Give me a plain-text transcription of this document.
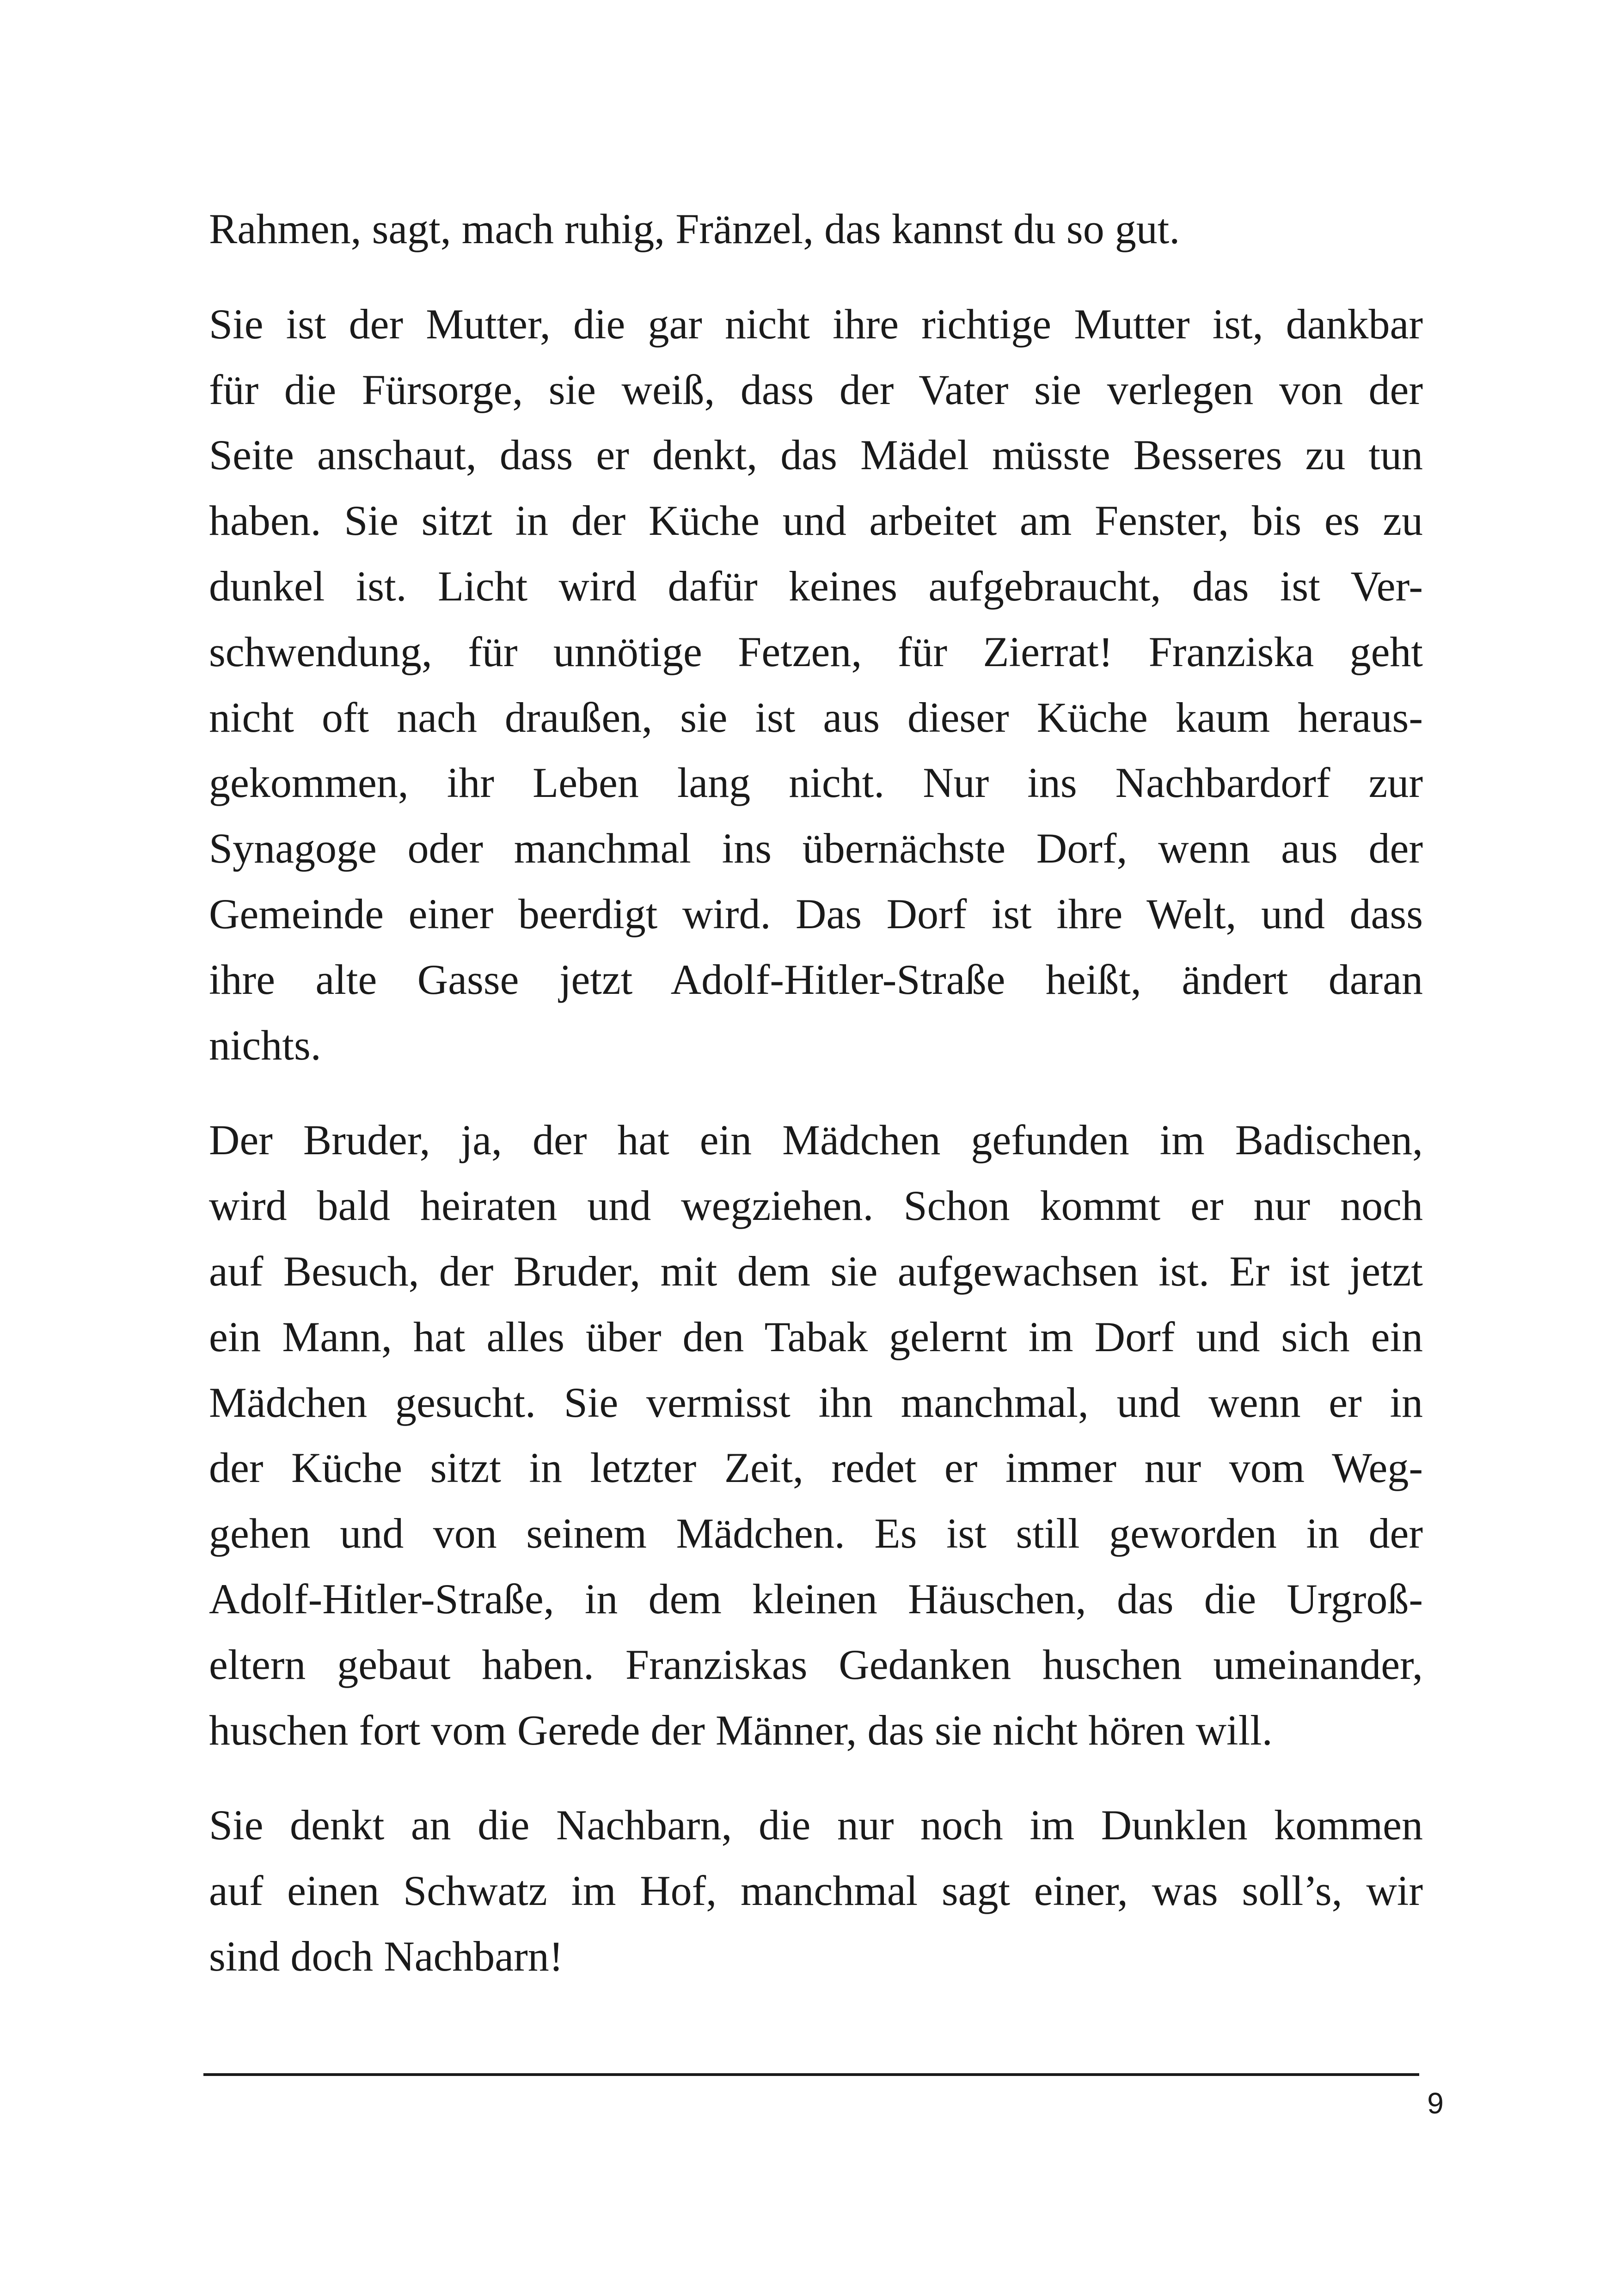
Rahmen, sagt, mach ruhig, Fränzel, das kannst du so gut.

Sie ist der Mutter, die gar nicht ihre richtige Mutter ist, dankbar
für die Fürsorge, sie weiß, dass der Vater sie verlegen von der
Seite anschaut, dass er denkt, das Mädel müsste Besseres zu tun
haben. Sie sitzt in der Küche und arbeitet am Fenster, bis es zu
dunkel ist. Licht wird dafür keines aufgebraucht, das ist Ver-
schwendung, für unnötige Fetzen, für Zierrat! Franziska geht
nicht oft nach draußen, sie ist aus dieser Küche kaum heraus-
gekommen, ihr Leben lang nicht. Nur ins Nachbardorf zur
Synagoge oder manchmal ins übernächste Dorf, wenn aus der
Gemeinde einer beerdigt wird. Das Dorf ist ihre Welt, und dass
ihre alte Gasse jetzt Adolf-Hitler-Straße heißt, ändert daran
nichts.

Der Bruder, ja, der hat ein Mädchen gefunden im Badischen,
wird bald heiraten und wegziehen. Schon kommt er nur noch
auf Besuch, der Bruder, mit dem sie aufgewachsen ist. Er ist jetzt
ein Mann, hat alles über den Tabak gelernt im Dorf und sich ein
Mädchen gesucht. Sie vermisst ihn manchmal, und wenn er in
der Küche sitzt in letzter Zeit, redet er immer nur vom Weg-
gehen und von seinem Mädchen. Es ist still geworden in der
Adolf-Hitler-Straße, in dem kleinen Häuschen, das die Urgroß-
eltern gebaut haben. Franziskas Gedanken huschen umeinander,
huschen fort vom Gerede der Männer, das sie nicht hören will.

Sie denkt an die Nachbarn, die nur noch im Dunklen kommen
auf einen Schwatz im Hof, manchmal sagt einer, was soll’s, wir
sind doch Nachbarn!

9
